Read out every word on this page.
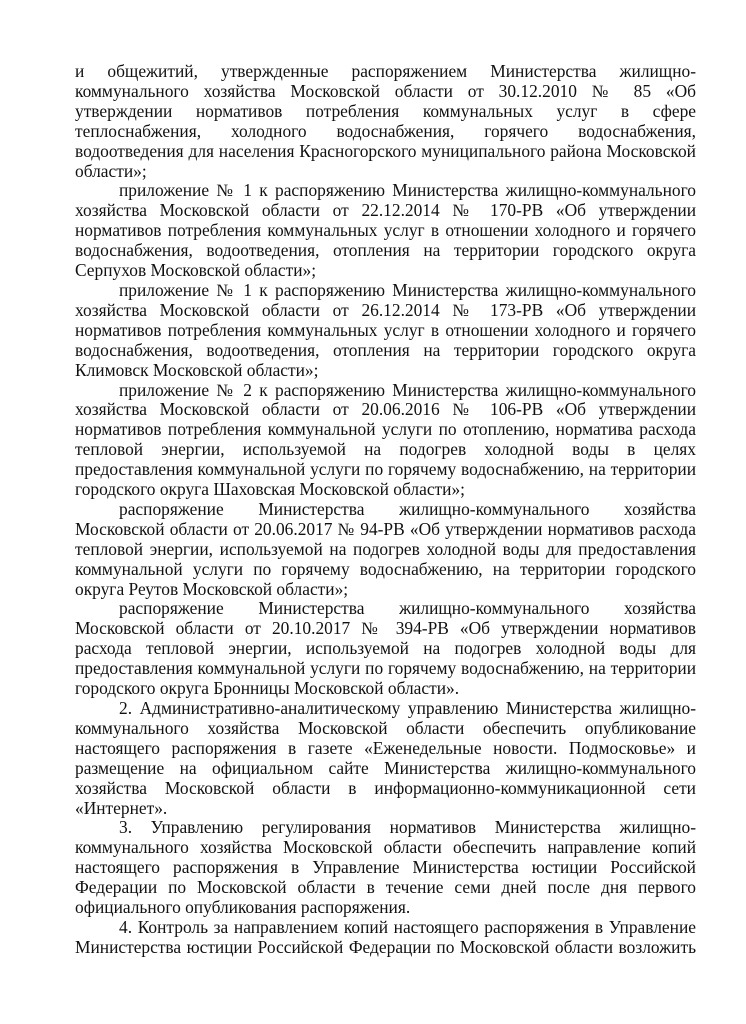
и общежитий, утвержденные распоряжением Министерства жилищно-коммунального хозяйства Московской области от 30.12.2010 № 85 «Об утверждении нормативов потребления коммунальных услуг в сфере теплоснабжения, холодного водоснабжения, горячего водоснабжения, водоотведения для населения Красногорского муниципального района Московской области»;

приложение № 1 к распоряжению Министерства жилищно-коммунального хозяйства Московской области от 22.12.2014 № 170-РВ «Об утверждении нормативов потребления коммунальных услуг в отношении холодного и горячего водоснабжения, водоотведения, отопления на территории городского округа Серпухов Московской области»;

приложение № 1 к распоряжению Министерства жилищно-коммунального хозяйства Московской области от 26.12.2014 № 173-РВ «Об утверждении нормативов потребления коммунальных услуг в отношении холодного и горячего водоснабжения, водоотведения, отопления на территории городского округа Климовск Московской области»;

приложение № 2 к распоряжению Министерства жилищно-коммунального хозяйства Московской области от 20.06.2016 № 106-РВ «Об утверждении нормативов потребления коммунальной услуги по отоплению, норматива расхода тепловой энергии, используемой на подогрев холодной воды в целях предоставления коммунальной услуги по горячему водоснабжению, на территории городского округа Шаховская Московской области»;

распоряжение Министерства жилищно-коммунального хозяйства Московской области от 20.06.2017 № 94-РВ «Об утверждении нормативов расхода тепловой энергии, используемой на подогрев холодной воды для предоставления коммунальной услуги по горячему водоснабжению, на территории городского округа Реутов Московской области»;

распоряжение Министерства жилищно-коммунального хозяйства Московской области от 20.10.2017 № 394-РВ «Об утверждении нормативов расхода тепловой энергии, используемой на подогрев холодной воды для предоставления коммунальной услуги по горячему водоснабжению, на территории городского округа Бронницы Московской области».

2. Административно-аналитическому управлению Министерства жилищно-коммунального хозяйства Московской области обеспечить опубликование настоящего распоряжения в газете «Еженедельные новости. Подмосковье» и размещение на официальном сайте Министерства жилищно-коммунального хозяйства Московской области в информационно-коммуникационной сети «Интернет».

3. Управлению регулирования нормативов Министерства жилищно-коммунального хозяйства Московской области обеспечить направление копий настоящего распоряжения в Управление Министерства юстиции Российской Федерации по Московской области в течение семи дней после дня первого официального опубликования распоряжения.

4. Контроль за направлением копий настоящего распоряжения в Управление Министерства юстиции Российской Федерации по Московской области возложить
